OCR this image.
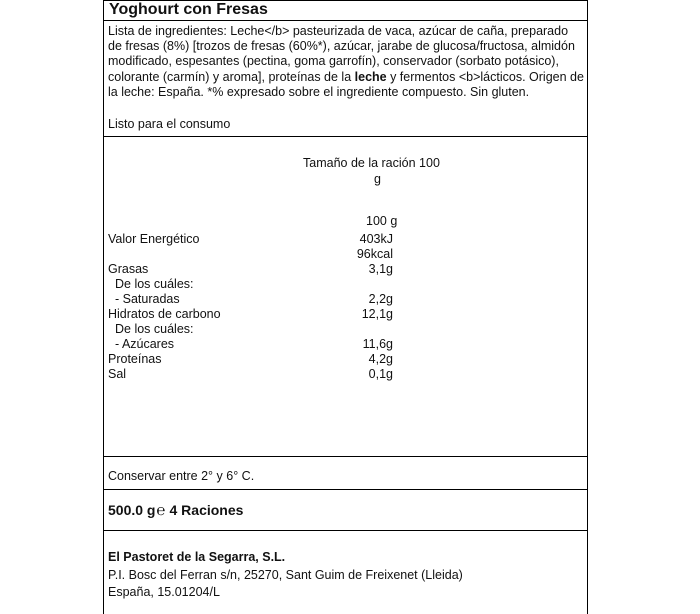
Yoghourt con Fresas
Lista de ingredientes: Leche</b> pasteurizada de vaca, azúcar de caña, preparado de fresas (8%) [trozos de fresas (60%*), azúcar, jarabe de glucosa/fructosa, almidón modificado, espesantes (pectina, goma garrofín), conservador (sorbato potásico), colorante (carmín) y aroma], proteínas de la leche y fermentos <b>lácticos. Origen de la leche: España. *% expresado sobre el ingrediente compuesto. Sin gluten.
Listo para el consumo
Tamaño de la ración 100
g
100 g
Valor Energético	403kJ
96kcal
Grasas	3,1g
De los cuáles:
- Saturadas	2,2g
Hidratos de carbono	12,1g
De los cuáles:
- Azúcares	11,6g
Proteínas	4,2g
Sal	0,1g
Conservar entre 2° y 6° C.
500.0 g℮ 4 Raciones
El Pastoret de la Segarra, S.L.
P.I. Bosc del Ferran s/n, 25270, Sant Guim de Freixenet (Lleida)
España, 15.01204/L
